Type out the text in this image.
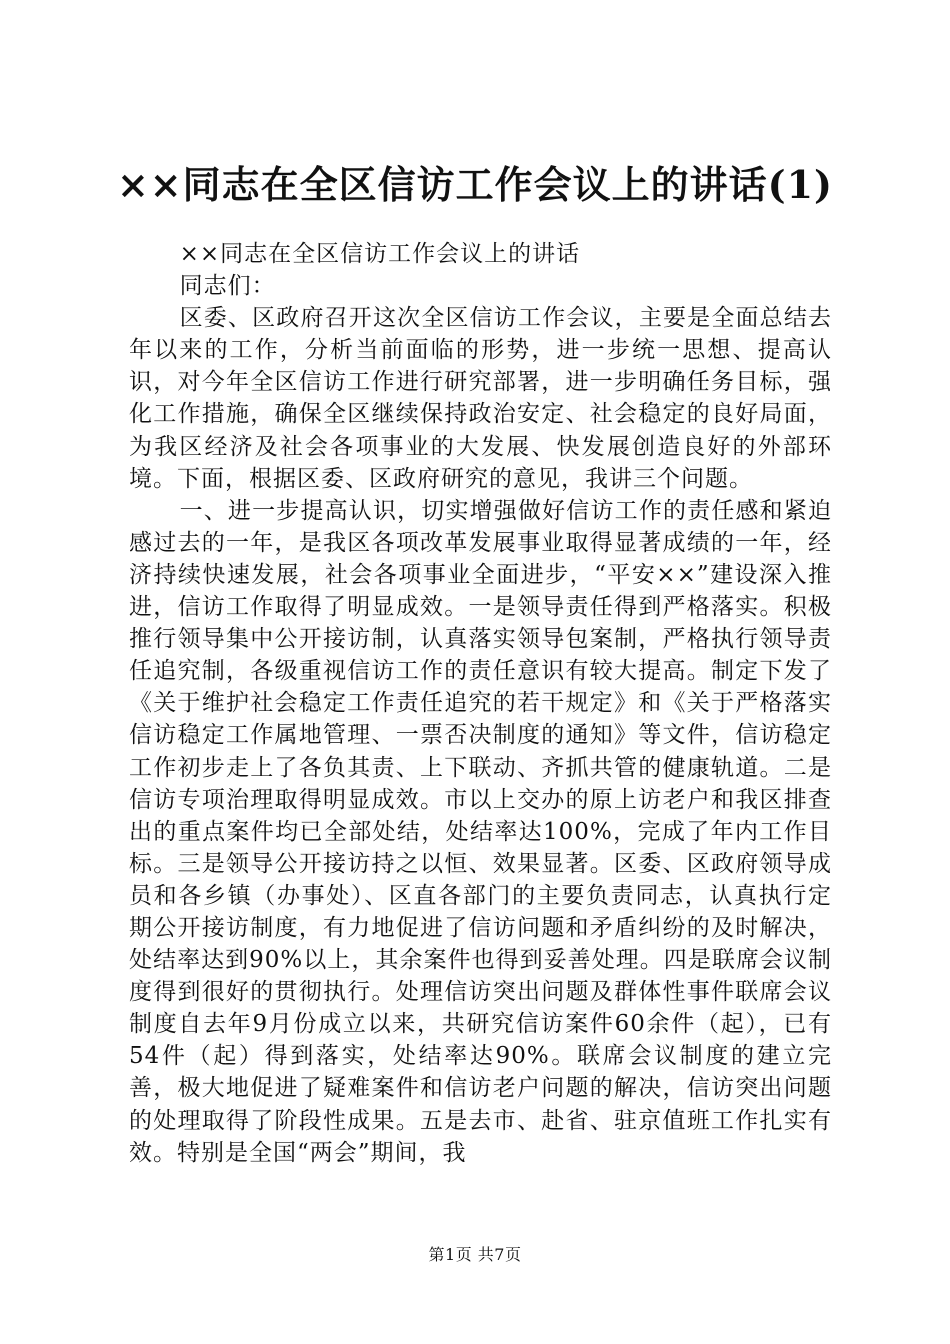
××同志在全区信访工作会议上的讲话(1)

××同志在全区信访工作会议上的讲话

同志们：

区委、区政府召开这次全区信访工作会议，主要是全面总结去年以来的工作，分析当前面临的形势，进一步统一思想、提高认识，对今年全区信访工作进行研究部署，进一步明确任务目标，强化工作措施，确保全区继续保持政治安定、社会稳定的良好局面，为我区经济及社会各项事业的大发展、快发展创造良好的外部环境。下面，根据区委、区政府研究的意见，我讲三个问题。

一、进一步提高认识，切实增强做好信访工作的责任感和紧迫感过去的一年，是我区各项改革发展事业取得显著成绩的一年，经济持续快速发展，社会各项事业全面进步，“平安××”建设深入推进，信访工作取得了明显成效。一是领导责任得到严格落实。积极推行领导集中公开接访制，认真落实领导包案制，严格执行领导责任追究制，各级重视信访工作的责任意识有较大提高。制定下发了《关于维护社会稳定工作责任追究的若干规定》和《关于严格落实信访稳定工作属地管理、一票否决制度的通知》等文件，信访稳定工作初步走上了各负其责、上下联动、齐抓共管的健康轨道。二是信访专项治理取得明显成效。市以上交办的原上访老户和我区排查出的重点案件均已全部处结，处结率达100%，完成了年内工作目标。三是领导公开接访持之以恒、效果显著。区委、区政府领导成员和各乡镇（办事处）、区直各部门的主要负责同志，认真执行定期公开接访制度，有力地促进了信访问题和矛盾纠纷的及时解决，处结率达到90%以上，其余案件也得到妥善处理。四是联席会议制度得到很好的贯彻执行。处理信访突出问题及群体性事件联席会议制度自去年9月份成立以来，共研究信访案件60余件（起），已有54件（起）得到落实，处结率达90%。联席会议制度的建立完善，极大地促进了疑难案件和信访老户问题的解决，信访突出问题的处理取得了阶段性成果。五是去市、赴省、驻京值班工作扎实有效。特别是全国“两会”期间，我

第1页 共7页
